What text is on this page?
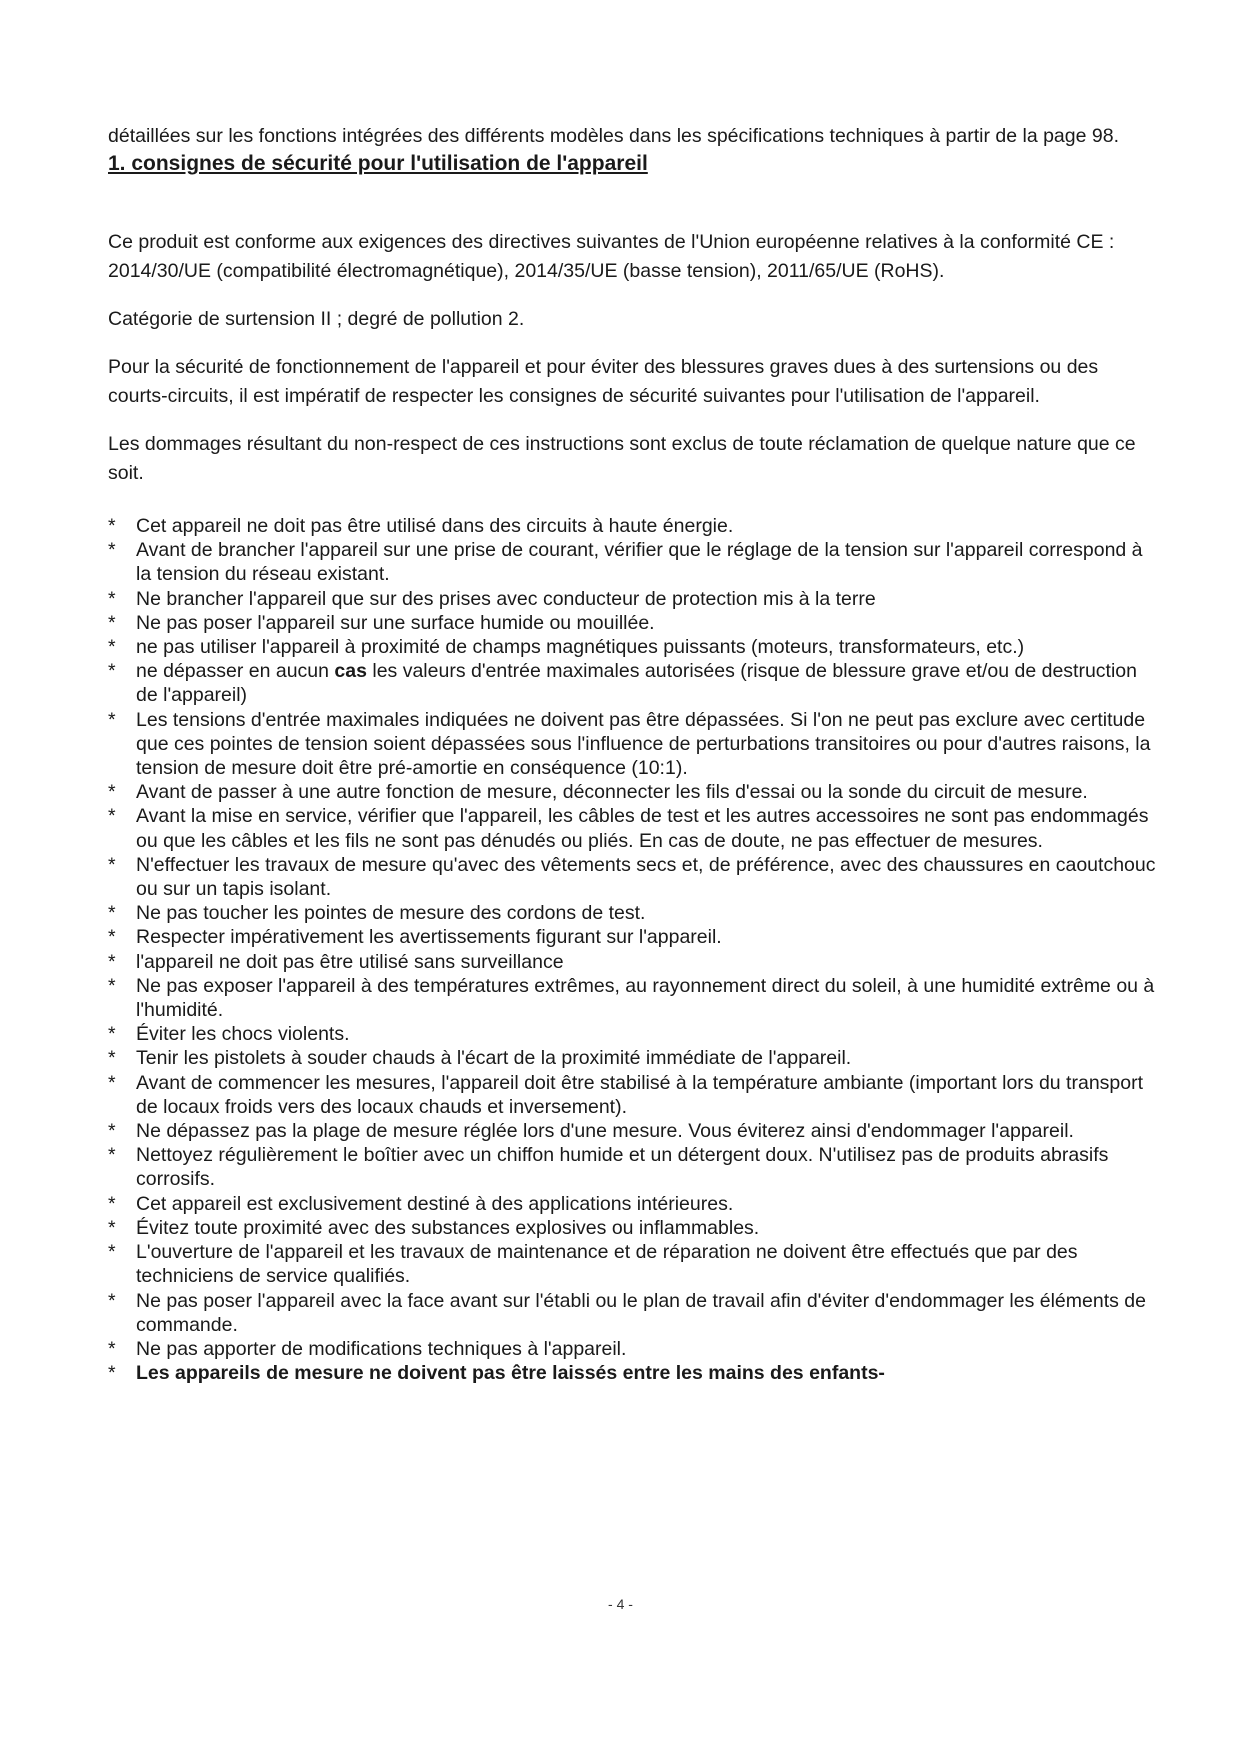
détaillées sur les fonctions intégrées des différents modèles dans les spécifications techniques à partir de la page 98.

1. consignes de sécurité pour l'utilisation de l'appareil

Ce produit est conforme aux exigences des directives suivantes de l'Union européenne relatives à la conformité CE : 2014/30/UE (compatibilité électromagnétique), 2014/35/UE (basse tension), 2011/65/UE (RoHS).

Catégorie de surtension II ; degré de pollution 2.

Pour la sécurité de fonctionnement de l'appareil et pour éviter des blessures graves dues à des surtensions ou des courts-circuits, il est impératif de respecter les consignes de sécurité suivantes pour l'utilisation de l'appareil.

Les dommages résultant du non-respect de ces instructions sont exclus de toute réclamation de quelque nature que ce soit.

* Cet appareil ne doit pas être utilisé dans des circuits à haute énergie.
* Avant de brancher l'appareil sur une prise de courant, vérifier que le réglage de la tension sur l'appareil correspond à la tension du réseau existant.
* Ne brancher l'appareil que sur des prises avec conducteur de protection mis à la terre
* Ne pas poser l'appareil sur une surface humide ou mouillée.
* ne pas utiliser l'appareil à proximité de champs magnétiques puissants (moteurs, transformateurs, etc.)
* ne dépasser en aucun cas les valeurs d'entrée maximales autorisées (risque de blessure grave et/ou de destruction de l'appareil)
* Les tensions d'entrée maximales indiquées ne doivent pas être dépassées. Si l'on ne peut pas exclure avec certitude que ces pointes de tension soient dépassées sous l'influence de perturbations transitoires ou pour d'autres raisons, la tension de mesure doit être pré-amortie en conséquence (10:1).
* Avant de passer à une autre fonction de mesure, déconnecter les fils d'essai ou la sonde du circuit de mesure.
* Avant la mise en service, vérifier que l'appareil, les câbles de test et les autres accessoires ne sont pas endommagés ou que les câbles et les fils ne sont pas dénudés ou pliés. En cas de doute, ne pas effectuer de mesures.
* N'effectuer les travaux de mesure qu'avec des vêtements secs et, de préférence, avec des chaussures en caoutchouc ou sur un tapis isolant.
* Ne pas toucher les pointes de mesure des cordons de test.
* Respecter impérativement les avertissements figurant sur l'appareil.
* l'appareil ne doit pas être utilisé sans surveillance
* Ne pas exposer l'appareil à des températures extrêmes, au rayonnement direct du soleil, à une humidité extrême ou à l'humidité.
* Éviter les chocs violents.
* Tenir les pistolets à souder chauds à l'écart de la proximité immédiate de l'appareil.
* Avant de commencer les mesures, l'appareil doit être stabilisé à la température ambiante (important lors du transport de locaux froids vers des locaux chauds et inversement).
* Ne dépassez pas la plage de mesure réglée lors d'une mesure. Vous éviterez ainsi d'endommager l'appareil.
* Nettoyez régulièrement le boîtier avec un chiffon humide et un détergent doux. N'utilisez pas de produits abrasifs corrosifs.
* Cet appareil est exclusivement destiné à des applications intérieures.
* Évitez toute proximité avec des substances explosives ou inflammables.
* L'ouverture de l'appareil et les travaux de maintenance et de réparation ne doivent être effectués que par des techniciens de service qualifiés.
* Ne pas poser l'appareil avec la face avant sur l'établi ou le plan de travail afin d'éviter d'endommager les éléments de commande.
* Ne pas apporter de modifications techniques à l'appareil.
* Les appareils de mesure ne doivent pas être laissés entre les mains des enfants-
- 4 -
